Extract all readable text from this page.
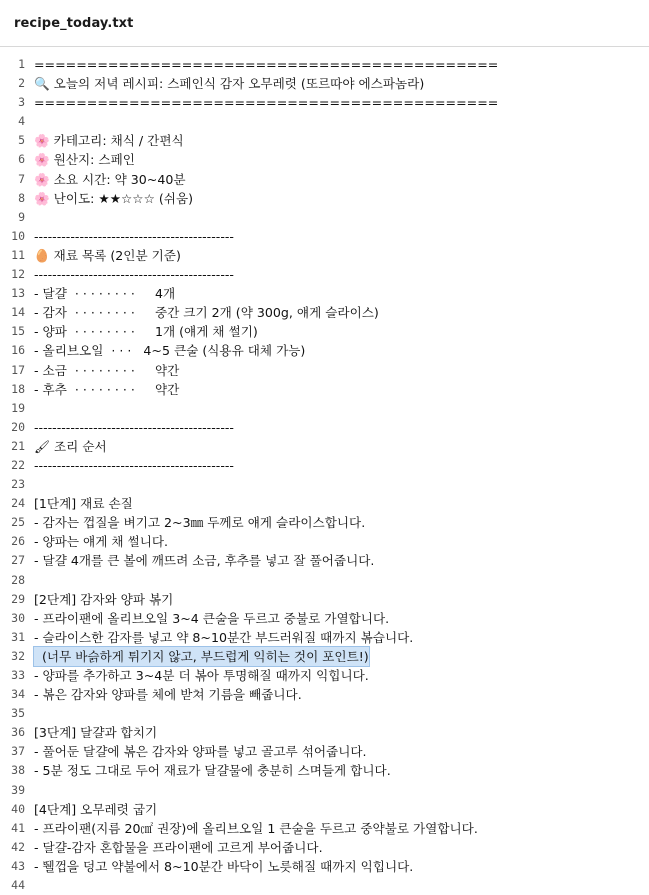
recipe_today.txt
1 ============================================
2 🔍 오늘의 저녁 레시피: 스페인식 감자 오무레렷 (또르따야 에스파놈라)
3 ============================================
4
5 🌸 카테고리: 채식 / 간편식
6 🌸 원산지: 스페인
7 🌸 소요 시간: 약 30~40분
8 🌸 난이도: ★★☆☆☆ (쉬움)
9
10 --------------------------------------------
11 🥚 재료 목록 (2인분 기준)
12 --------------------------------------------
13 - 달걀  · · · · · · · ·     4개
14 - 감자  · · · · · · · ·     중간 크기 2개 (약 300g, 얘게 슬라이스)
15 - 양파  · · · · · · · ·     1개 (얘게 채 썰기)
16 - 올리브오일  · · ·   4~5 큰술 (식용유 대체 가능)
17 - 소금  · · · · · · · ·     약간
18 - 후추  · · · · · · · ·     약간
19
20 --------------------------------------------
21 🖌 조리 순서
22 --------------------------------------------
23
24 [1단계] 재료 손질
25 - 감자는 껍질을 벼기고 2~3㎜ 두께로 얘게 슬라이스합니다.
26 - 양파는 얘게 채 썰니다.
27 - 달걀 4개를 큰 볼에 깨뜨려 소금, 후추를 넣고 잘 풀어줍니다.
28
29 [2단계] 감자와 양파 볶기
30 - 프라이팬에 올리브오일 3~4 큰술을 두르고 중불로 가열합니다.
31 - 슬라이스한 감자를 넣고 약 8~10분간 부드러워질 때까지 볶습니다.
32 (너무 바슭하게 튀기지 않고, 부드럽게 익히는 것이 포인트!)
33 - 양파를 추가하고 3~4분 더 볶아 투명해질 때까지 익힙니다.
34 - 볶은 감자와 양파를 체에 받쳐 기름을 빼줍니다.
35
36 [3단계] 달걀과 합치기
37 - 풀어둔 달걀에 볶은 감자와 양파를 넣고 골고루 섞어줍니다.
38 - 5분 정도 그대로 두어 재료가 달걀물에 충분히 스며들게 합니다.
39
40 [4단계] 오무레렷 굽기
41 - 프라이팬(지름 20㎠ 권장)에 올리브오일 1 큰술을 두르고 중약불로 가열합니다.
42 - 달걀-감자 혼합물을 프라이팬에 고르게 부어줍니다.
43 - 뛜껍을 덩고 약불에서 8~10분간 바닥이 노릇해질 때까지 익힙니다.
44
